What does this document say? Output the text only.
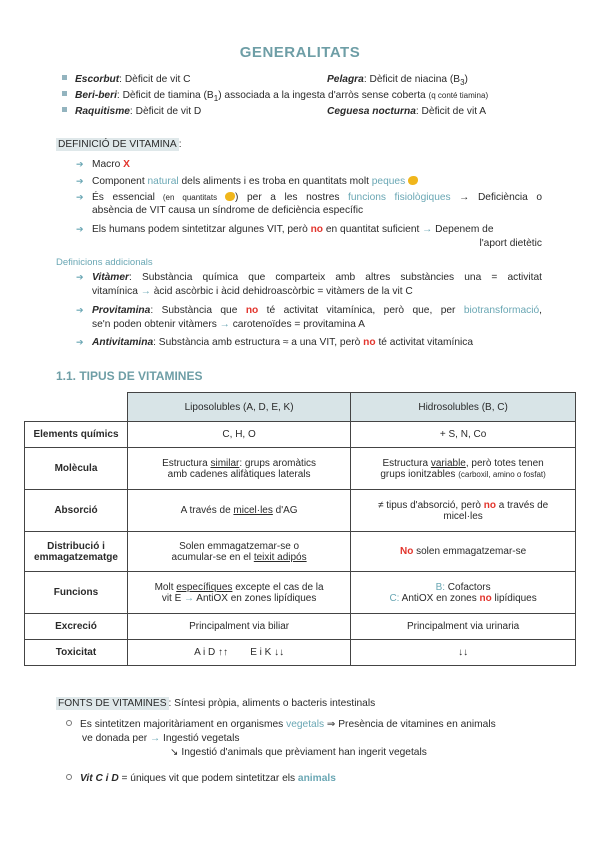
GENERALITATS
Escorbut: Dèficit de vit C	Pelagra: Dèficit de niacina $(B_3)$
Beri-beri: Dèficit de tiamina $(B_1)$ associada a la ingesta d'arròs sense coberta (q conté tiamina)
Raquitisme: Dèficit de vit D	Ceguesa nocturna: Dèficit de vit A
DEFINICIÓ DE VITAMINA :
➔ Macro X
➔ Component natural dels aliments i es troba en quantitats molt peques
➔ És essencial (en quantitats ) per a les nostres funcions fisiològiques → Deficiència o
absència de VIT causa un síndrome de deficiència específic
➔ Els humans podem sintetitzar algunes VIT, però no en quantitat suficient → Depenem de
l'aport dietètic
Definicions addicionals
➔ Vitàmer: Substància química que comparteix amb altres substàncies una = activitat
vitamínica → àcid ascòrbic i àcid dehidroascòrbic = vitàmers de la vit C
➔ Provitamina: Substància que no té activitat vitamínica, però que, per biotransformació,
se'n poden obtenir vitàmers → carotenoïdes = provitamina A
➔ Antivitamina: Substància amb estructura ≈ a una VIT, però no té activitat vitamínica
1.1. TIPUS DE VITAMINES
	Liposolubles (A, D, E, K)	Hidrosolubles (B, C)
Elements químics	C, H, O	+ S, N, Co
Molècula	Estructura similar: grups aromàtics
amb cadenes alifàtiques laterals	Estructura variable, però totes tenen
grups ionitzables (carboxil, amino o fosfat)
Absorció	A través de micel·les d'AG	≠ tipus d'absorció, però no a través de
micel·les
Distribució i
emmagatzematge	Solen emmagatzemar-se o
acumular-se en el teixit adipós	No solen emmagatzemar-se
Funcions	Molt específiques excepte el cas de la
vit E → AntiOX en zones lipídiques	B: Cofactors
C: AntiOX en zones no lipídiques
Excreció	Principalment via biliar	Principalment via urinaria
Toxicitat	A i D ↑↑        E i K ↓↓	↓↓
FONTS DE VITAMINES : Síntesi pròpia, aliments o bacteris intestinals
Es sintetitzen majoritàriament en organismes vegetals ⇒ Presència de vitamines en animals
ve donada per → Ingestió vegetals
↘ Ingestió d'animals que prèviament han ingerit vegetals
Vit C i D = úniques vit que podem sintetitzar els animals
